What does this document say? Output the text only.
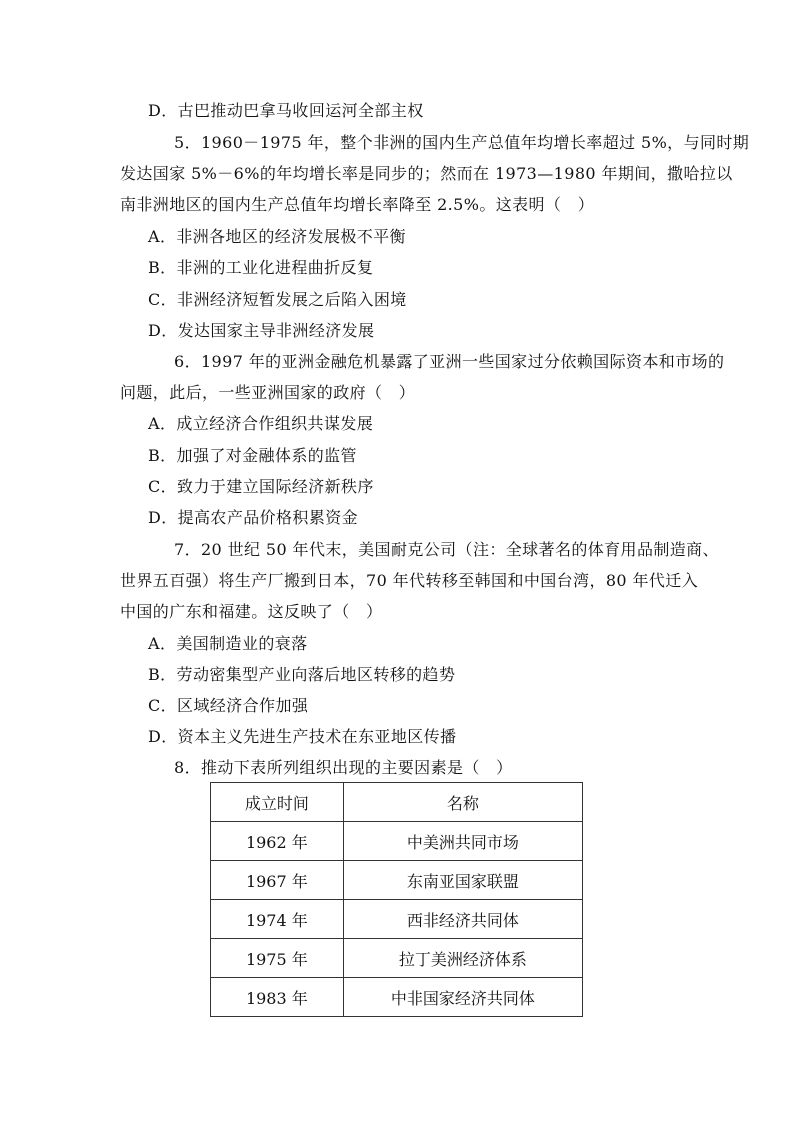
D．古巴推动巴拿马收回运河全部主权
5．1960－1975 年，整个非洲的国内生产总值年均增长率超过 5%，与同时期
发达国家 5%－6%的年均增长率是同步的；然而在 1973—1980 年期间，撒哈拉以
南非洲地区的国内生产总值年均增长率降至 2.5%。这表明（　）
A．非洲各地区的经济发展极不平衡
B．非洲的工业化进程曲折反复
C．非洲经济短暂发展之后陷入困境
D．发达国家主导非洲经济发展
6．1997 年的亚洲金融危机暴露了亚洲一些国家过分依赖国际资本和市场的
问题，此后，一些亚洲国家的政府（　）
A．成立经济合作组织共谋发展
B．加强了对金融体系的监管
C．致力于建立国际经济新秩序
D．提高农产品价格积累资金
7．20 世纪 50 年代末，美国耐克公司（注：全球著名的体育用品制造商、
世界五百强）将生产厂搬到日本，70 年代转移至韩国和中国台湾，80 年代迁入
中国的广东和福建。这反映了（　）
A．美国制造业的衰落
B．劳动密集型产业向落后地区转移的趋势
C．区域经济合作加强
D．资本主义先进生产技术在东亚地区传播
8．推动下表所列组织出现的主要因素是（　）
成立时间	名称
1962 年	中美洲共同市场
1967 年	东南亚国家联盟
1974 年	西非经济共同体
1975 年	拉丁美洲经济体系
1983 年	中非国家经济共同体
